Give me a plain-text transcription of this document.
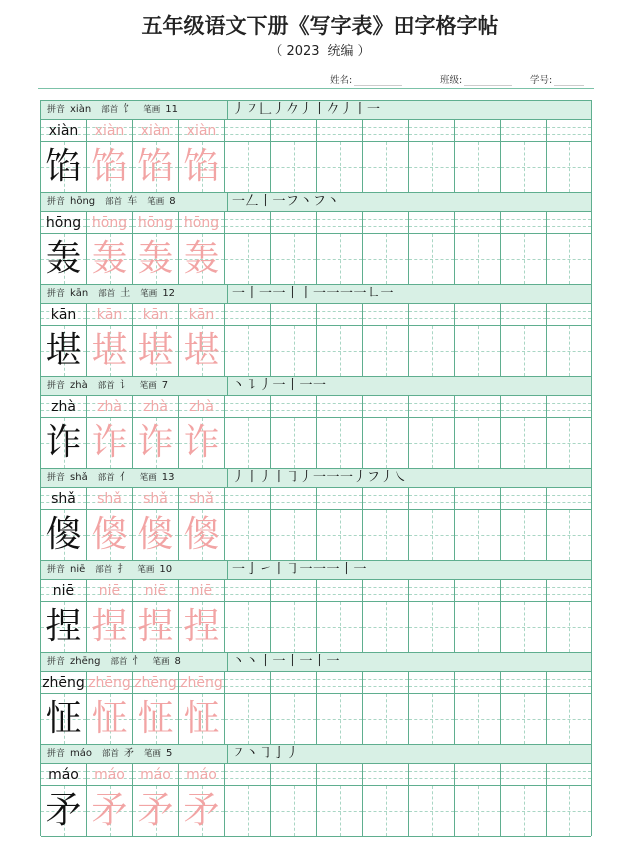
五年级语文下册《写字表》田字格字帖
（ 2023 统编 ）
姓名:	班级:	学号:
拼音 xiàn 部首 饣 笔画 11	丿 ㇇ 𠃊 丿 𠂊 丿 丨 𠂊 丿 丨 一
xiàn	xiàn	xiàn	xiàn
馅 馅 馅 馅
拼音 hōng 部首 车 笔画 8	一 𠃋 丨 一 フ 丶 フ 丶
hōng hōng hōng hōng
轰 轰 轰 轰
拼音 kān 部首 土 笔画 12	一 丨 一 一 丨 丨 一 一 一 一 ㇗ 一
kān	kān	kān	kān
堪 堪 堪 堪
拼音 zhà 部首 讠 笔画 7	丶 ㇊ 丿 一 丨 一 一
zhà	zhà	zhà	zhà
诈 诈 诈 诈
拼音 shǎ 部首 亻 笔画 13	丿 丨 丿 丨 ㇆ 丿 一 一 一 丿 フ 丿 ㇏
shǎ	shǎ	shǎ	shǎ
傻 傻 傻 傻
拼音 niē 部首 扌 笔画 10	一 亅 ㇀ 丨 ㇆ 一 一 一 丨 一
niē	niē	niē	niē
捏 捏 捏 捏
拼音 zhēng 部首 忄 笔画 8	丶 丶 丨 一 丨 一 丨 一
zhēng zhēng zhēng zhēng
怔 怔 怔 怔
拼音 máo 部首 矛 笔画 5	㇇ 丶 ㇆ 亅 丿
máo	máo	máo	máo
矛 矛 矛 矛
